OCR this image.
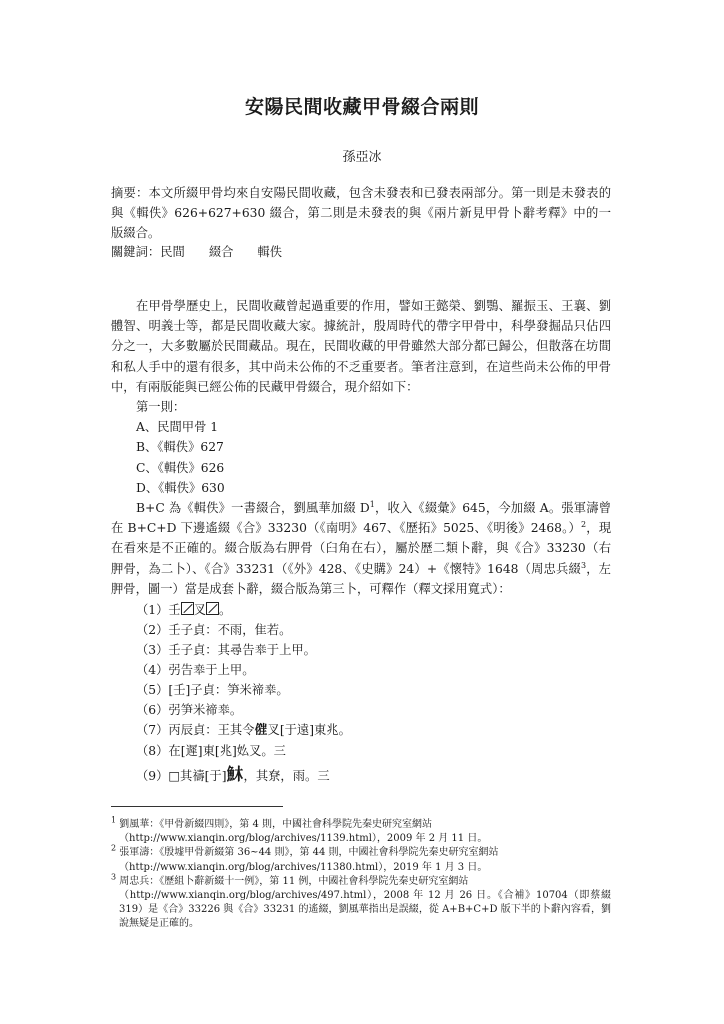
安陽民間收藏甲骨綴合兩則
孫亞冰
摘要：本文所綴甲骨均來自安陽民間收藏，包含未發表和已發表兩部分。第一則是未發表的與《輯佚》626+627+630 綴合，第二則是未發表的與《兩片新見甲骨卜辭考釋》中的一版綴合。
關鍵詞：民間 綴合 輯佚

在甲骨學歷史上，民間收藏曾起過重要的作用，譬如王懿榮、劉鶚、羅振玉、王襄、劉體智、明義士等，都是民間收藏大家。據統計，殷周時代的帶字甲骨中，科學發掘品只佔四分之一，大多數屬於民間藏品。現在，民間收藏的甲骨雖然大部分都已歸公，但散落在坊間和私人手中的還有很多，其中尚未公佈的不乏重要者。筆者注意到，在這些尚未公佈的甲骨中，有兩版能與已經公佈的民藏甲骨綴合，現介紹如下：

第一則：

A、民間甲骨 1

B、《輯佚》627

C、《輯佚》626

D、《輯佚》630

B+C 為《輯佚》一書綴合，劉風華加綴 $D^1$，收入《綴彙》645，今加綴 A。張軍濤曾在 B+C+D 下邊遙綴《合》33230（《南明》467、《歷拓》5025、《明後》2468。）$^2$，現在看來是不正確的。綴合版為右胛骨（臼角在右），屬於歷二類卜辭，與《合》33230（右胛骨，為二卜）、《合》33231（《外》428、《史購》24）+《懷特》1648（周忠兵綴$^3$，左胛骨，圖一）當是成套卜辭，綴合版為第三卜，可釋作（釋文採用寬式）：

（1）壬 叉 。
（2）壬子貞：不雨，隹若。
（3）壬子貞：其尋告𠦪于上甲。
（4）弜告𠦪于上甲。
（5）[壬]子貞：笋米禘𠦪。
（6）弜笋米禘𠦪。
（7）丙辰貞：王其令𠍧叉[于遠]東兆。
（8）在[遲]東[兆]𡚸叉。三
（9）□其禱[于]𩵦，其尞，雨。三
$^1$ 劉風華：《甲骨新綴四則》，第 4 則，中國社會科學院先秦史研究室網站
（http://www.xianqin.org/blog/archives/1139.html），2009 年 2 月 11 日。
$^2$ 張軍濤：《殷墟甲骨新綴第 36~44 則》，第 44 則，中國社會科學院先秦史研究室網站
（http://www.xianqin.org/blog/archives/11380.html），2019 年 1 月 3 日。
$^3$ 周忠兵：《歷組卜辭新綴十一例》，第 11 例，中國社會科學院先秦史研究室網站
（http://www.xianqin.org/blog/archives/497.html），2008 年 12 月 26 日。《合補》10704（即蔡綴 319）是《合》33226 與《合》33231 的遙綴，劉風華指出是誤綴，從 A+B+C+D 版下半的卜辭內容看，劉說無疑是正確的。
